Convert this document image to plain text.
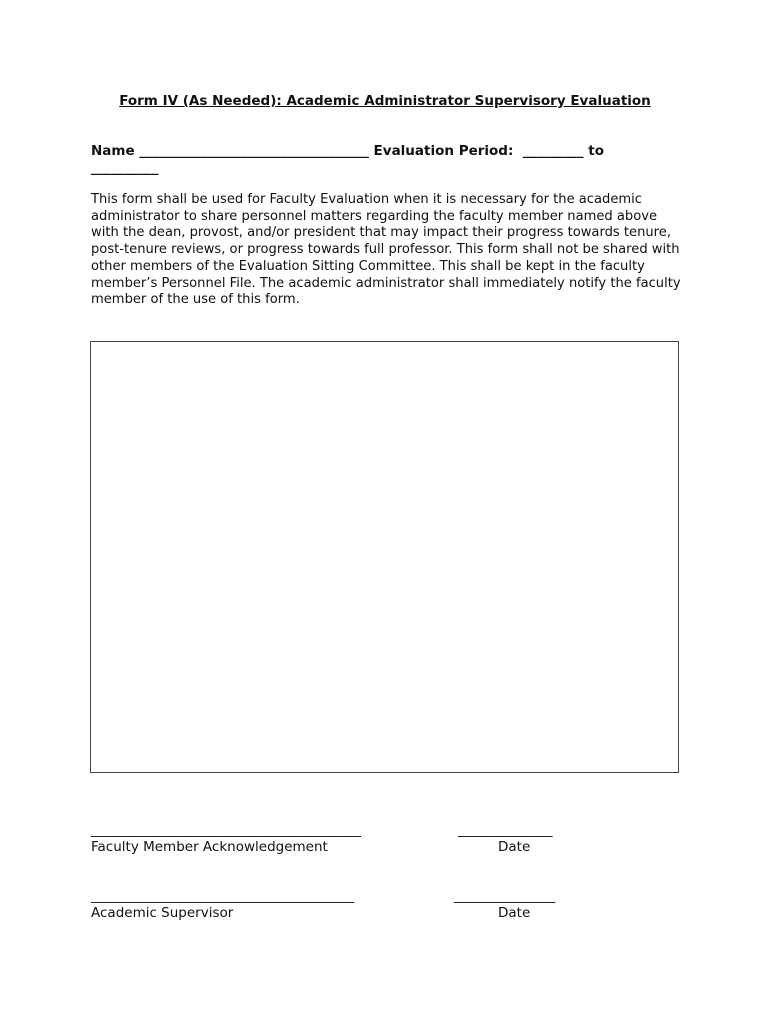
Form IV (As Needed): Academic Administrator Supervisory Evaluation
Name __________________________________ Evaluation Period: _________ to __________
This form shall be used for Faculty Evaluation when it is necessary for the academic administrator to share personnel matters regarding the faculty member named above with the dean, provost, and/or president that may impact their progress towards tenure, post-tenure reviews, or progress towards full professor. This form shall not be shared with other members of the Evaluation Sitting Committee. This shall be kept in the faculty member’s Personnel File. The academic administrator shall immediately notify the faculty member of the use of this form.
________________________________________
Faculty Member Acknowledgement
______________
Date
_______________________________________
Academic Supervisor
_______________
Date
